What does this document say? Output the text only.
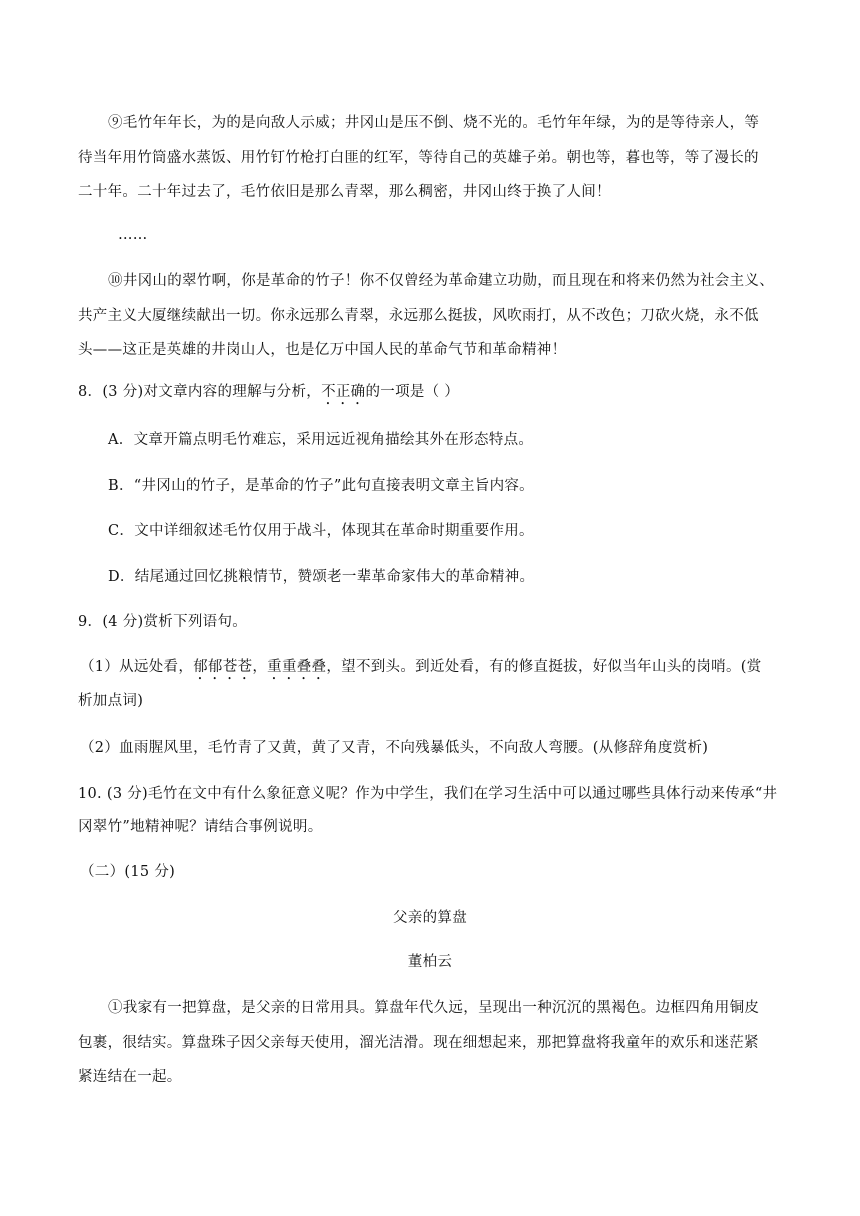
⑨毛竹年年长，为的是向敌人示威；井冈山是压不倒、烧不光的。毛竹年年绿，为的是等待亲人，等
待当年用竹筒盛水蒸饭、用竹钉竹枪打白匪的红军，等待自己的英雄子弟。朝也等，暮也等，等了漫长的
二十年。二十年过去了，毛竹依旧是那么青翠，那么稠密，井冈山终于换了人间！
……
⑩井冈山的翠竹啊，你是革命的竹子！你不仅曾经为革命建立功勋，而且现在和将来仍然为社会主义、
共产主义大厦继续献出一切。你永远那么青翠，永远那么挺拔，风吹雨打，从不改色；刀砍火烧，永不低
头——这正是英雄的井岗山人，也是亿万中国人民的革命气节和革命精神！
8．(3 分)对文章内容的理解与分析，不正确的一项是（ ）
A．文章开篇点明毛竹难忘，采用远近视角描绘其外在形态特点。
B．“井冈山的竹子，是革命的竹子”此句直接表明文章主旨内容。
C．文中详细叙述毛竹仅用于战斗，体现其在革命时期重要作用。
D．结尾通过回忆挑粮情节，赞颂老一辈革命家伟大的革命精神。
9．(4 分)赏析下列语句。
（1）从远处看，郁郁苍苍，重重叠叠，望不到头。到近处看，有的修直挺拔，好似当年山头的岗哨。(赏
析加点词)
（2）血雨腥风里，毛竹青了又黄，黄了又青，不向残暴低头，不向敌人弯腰。(从修辞角度赏析)
10. (3 分)毛竹在文中有什么象征意义呢？作为中学生，我们在学习生活中可以通过哪些具体行动来传承“井
冈翠竹”地精神呢？请结合事例说明。
（二）(15 分)
父亲的算盘
董柏云
①我家有一把算盘，是父亲的日常用具。算盘年代久远，呈现出一种沉沉的黑褐色。边框四角用铜皮
包裹，很结实。算盘珠子因父亲每天使用，溜光洁滑。现在细想起来，那把算盘将我童年的欢乐和迷茫紧
紧连结在一起。
